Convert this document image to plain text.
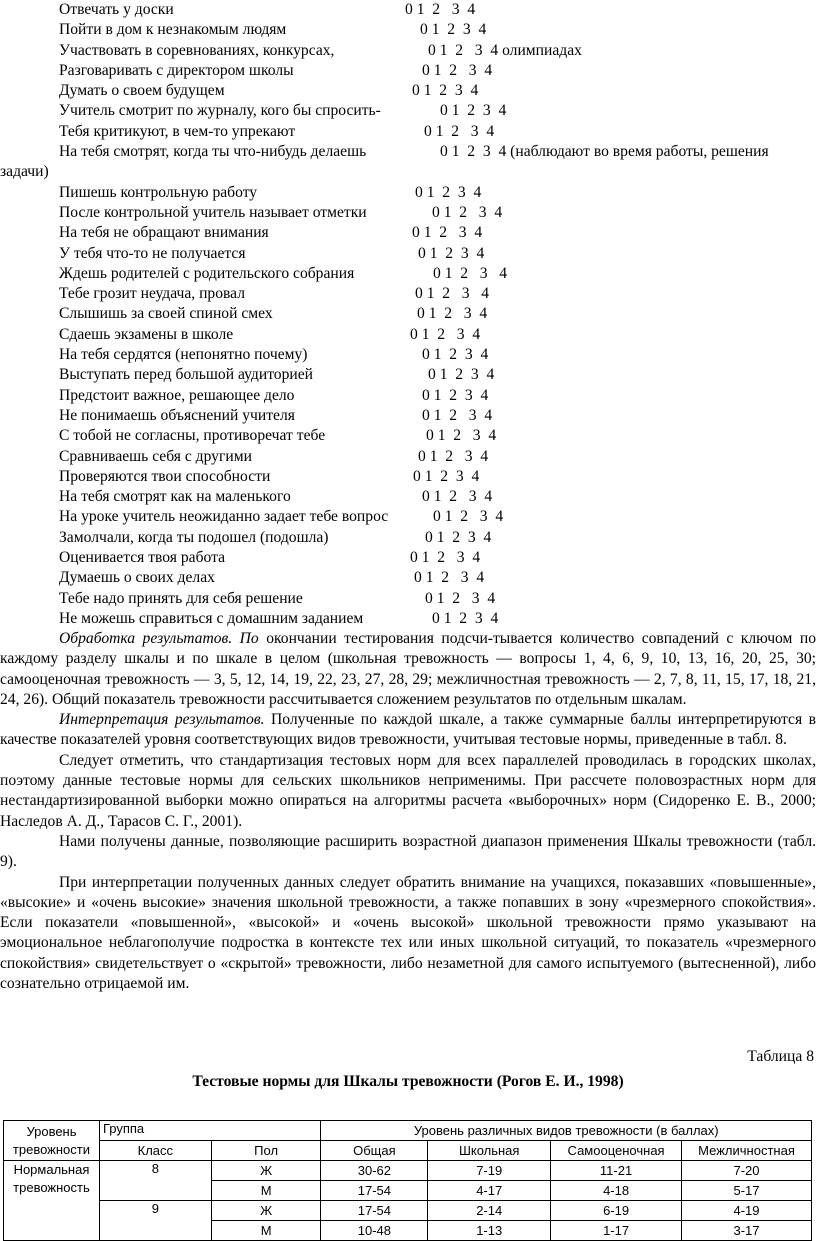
Отвечать у доски	0 1  2   3  4
Пойти в дом к незнакомым людям	0 1  2  3  4
Участвовать в соревнованиях, конкурсах,	0 1  2   3  4 олимпиадах
Разговаривать с директором школы	0 1  2   3  4
Думать о своем будущем	0 1  2  3  4
Учитель смотрит по журналу, кого бы спросить-	0 1  2  3  4
Тебя критикуют, в чем-то упрекают	0 1  2   3  4
На тебя смотрят, когда ты что-нибудь делаешь	0 1  2  3  4 (наблюдают во время работы, решения

задачи)

Пишешь контрольную работу	0 1  2  3  4
После контрольной учитель называет отметки	0 1  2   3  4
На тебя не обращают внимания	0 1  2   3  4
У тебя что-то не получается	0 1  2  3  4
Ждешь родителей с родительского собрания	0 1  2   3   4
Тебе грозит неудача, провал	0 1  2   3   4
Слышишь за своей спиной смех	0 1  2   3  4
Сдаешь экзамены в школе	0 1  2   3  4
На тебя сердятся (непонятно почему)	0 1  2  3  4
Выступать перед большой аудиторией	0 1  2  3  4
Предстоит важное, решающее дело	0 1  2  3  4
Не понимаешь объяснений учителя	0 1  2   3  4
С тобой не согласны, противоречат тебе	0 1  2   3  4
Сравниваешь себя с другими	0 1  2   3  4
Проверяются твои способности	0 1  2  3  4
На тебя смотрят как на маленького	0 1  2   3  4
На уроке учитель неожиданно задает тебе вопрос	0 1  2   3  4
Замолчали, когда ты подошел (подошла)	0 1  2  3  4
Оценивается твоя работа	0 1  2   3  4
Думаешь о своих делах	0 1  2   3  4
Тебе надо принять для себя решение	0 1  2   3  4
Не можешь справиться с домашним заданием	0 1  2  3  4

Обработка результатов. По окончании тестирования подсчи-тывается количество совпадений с ключом по каждому разделу шкалы и по шкале в целом (школьная тревожность — вопросы 1, 4, 6, 9, 10, 13, 16, 20, 25, 30; самооценочная тревожность — 3, 5, 12, 14, 19, 22, 23, 27, 28, 29; межличностная тревожность — 2, 7, 8, 11, 15, 17, 18, 21, 24, 26). Общий показатель тревожности рассчитывается сложением результатов по отдельным шкалам.

Интерпретация результатов. Полученные по каждой шкале, а также суммарные баллы интерпретируются в качестве показателей уровня соответствующих видов тревожности, учитывая тестовые нормы, приведенные в табл. 8.

Следует отметить, что стандартизация тестовых норм для всех параллелей проводилась в городских школах, поэтому данные тестовые нормы для сельских школьников неприменимы. При рассчете половозрастных норм для нестандартизированной выборки можно опираться на алгоритмы расчета «выборочных» норм (Сидоренко Е. В., 2000; Наследов А. Д., Тарасов С. Г., 2001).

Нами получены данные, позволяющие расширить возрастной диапазон применения Шкалы тревожности (табл. 9).

При интерпретации полученных данных следует обратить внимание на учащихся, показавших «повышенные», «высокие» и «очень высокие» значения школьной тревожности, а также попавших в зону «чрезмерного спокойствия». Если показатели «повышенной», «высокой» и «очень высокой» школьной тревожности прямо указывают на эмоциональное неблагополучие подростка в контексте тех или иных школьной ситуаций, то показатель «чрезмерного спокойствия» свидетельствует о «скрытой» тревожности, либо незаметной для самого испытуемого (вытесненной), либо сознательно отрицаемой им.

Таблица 8
Тестовые нормы для Шкалы тревожности (Рогов Е. И., 1998)
Уровень тревожности	Группа		Уровень различных видов тревожности (в баллах)			
	Класс	Пол	Общая	Школьная	Самооценочная	Межличностная
Нормальная тревожность	8	Ж	30-62	7-19	11-21	7-20
		М	17-54	4-17	4-18	5-17
	9	Ж	17-54	2-14	6-19	4-19
		М	10-48	1-13	1-17	3-17
